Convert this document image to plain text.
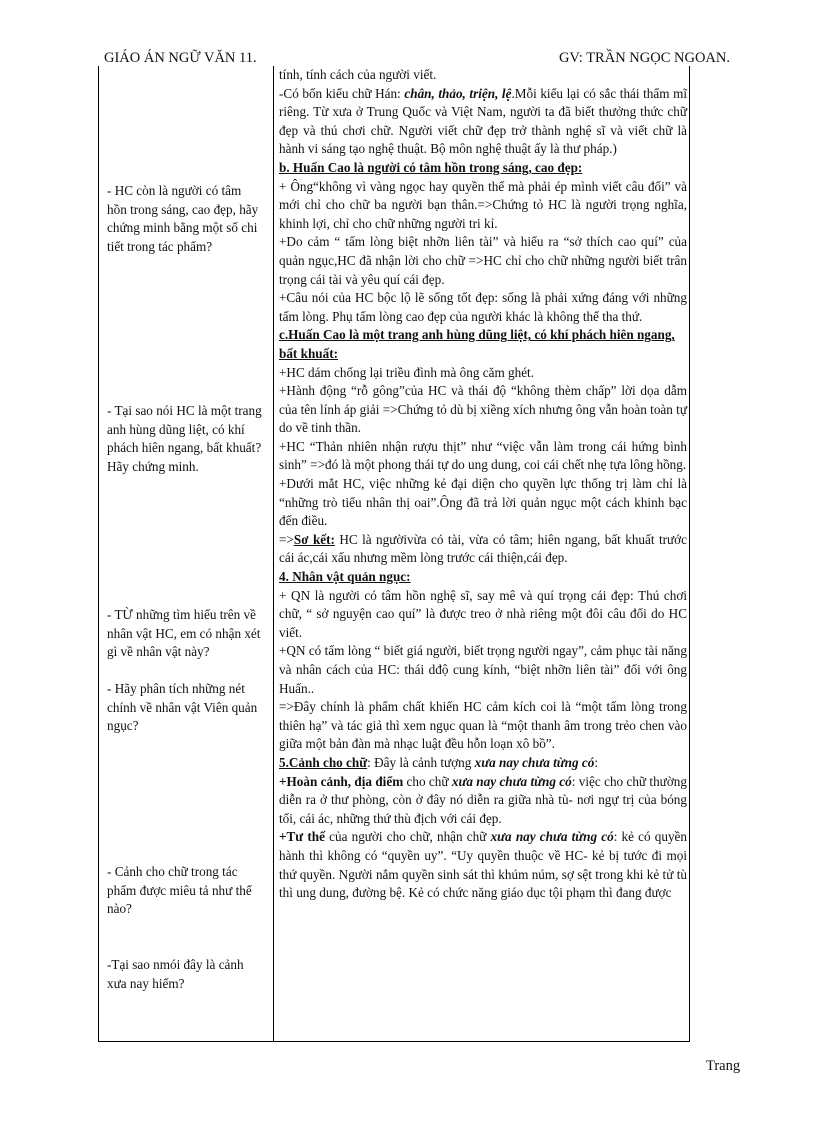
GIÁO ÁN NGỮ VĂN 11.	GV: TRẦN NGỌC NGOAN.
- HC còn là người có tâm hồn trong sáng, cao đẹp, hãy chứng minh bằng một số chi tiết trong tác phẩm?
- Tại sao nói HC là một trang anh hùng dũng liệt, có khí phách hiên ngang, bất khuất? Hãy chứng minh.
- TỪ những tìm hiểu trên về nhân vật HC, em có nhận xét gì về nhân vật này?
- Hãy phân tích những nét chính về nhân vật Viên quản ngục?
- Cảnh cho chữ trong tác phẩm được miêu tả như thế nào?
-Tại sao nmói đây là cảnh xưa nay hiếm?
tính, tính cách của người viết.
-Có bốn kiểu chữ Hán: chân, thảo, triện, lệ.Mỗi kiểu lại có sắc thái thẩm mĩ riêng. Từ xưa ở Trung Quốc và Việt Nam, người ta đã biết thưởng thức chữ đẹp và thú chơi chữ. Người viết chữ đẹp trở thành nghệ sĩ và viết chữ là hành vi sáng tạo nghệ thuật. Bộ môn nghệ thuật ấy là thư pháp.)
b. Huấn Cao là người có tâm hồn trong sáng, cao đẹp:
+ Ông“không vì vàng ngọc hay quyền thế mà phải ép mình viết câu đối” và mới chỉ cho chữ ba người bạn thân.=>Chứng tỏ HC là người trọng nghĩa, khinh lợi, chỉ cho chữ những người tri kỉ.
+Do cảm “ tấm lòng biệt nhỡn liên tài” và hiểu ra “sở thích cao quí” của quản ngục,HC đã nhận lời cho chữ =>HC chỉ cho chữ những người biết trân trọng cái tài và yêu quí cái đẹp.
+Câu nói của HC bộc lộ lẽ sống tốt đẹp: sống là phải xứng đáng với những tấm lòng. Phụ tấm lòng cao đẹp của người khác là không thể tha thứ.
c.Huấn Cao là một trang anh hùng dũng liệt, có khí phách hiên ngang, bất khuất:
+HC dám chống lại triều đình mà ông căm ghét.
+Hành động “rỗ gông”của HC và thái độ “không thèm chấp” lời dọa dẫm của tên lính áp giải =>Chứng tỏ dù bị xiềng xích nhưng ông vẫn hoàn toàn tự do về tinh thần.
+HC “Thản nhiên nhận rượu thịt” như “việc vẫn làm trong cái hứng bình sinh” =>đó là một phong thái tự do ung dung, coi cái chết nhẹ tựa lông hồng.
+Dưới mắt HC, việc những kẻ đại diện cho quyền lực thống trị làm chỉ là “những trò tiểu nhân thị oai”.Ông đã trả lời quản ngục một cách khinh bạc đến điều.
=>Sơ kết: HC là ngườivừa có tài, vừa có tâm; hiên ngang, bất khuất trước cái ác,cái xấu nhưng mềm lòng trước cái thiện,cái đẹp.
4. Nhân vật quản ngục:
+ QN là người có tâm hồn nghệ sĩ, say mê và quí trọng cái đẹp: Thú chơi chữ, “ sở nguyện cao quí” là được treo ở nhà riêng một đôi câu đối do HC viết.
+QN có tấm lòng “ biết giá người, biết trọng người ngay”, cảm phục tài năng và nhân cách của HC: thái dđộ cung kính, “biệt nhỡn liên tài” đối với ông Huấn..
=>Đây chính là phẩm chất khiến HC cảm kích coi là “một tấm lòng trong thiên hạ” và tác giả thì xem ngục quan là “một thanh âm trong trẻo chen vào giữa một bản đàn mà nhạc luật đều hỗn loạn xô bồ”.
5.Cảnh cho chữ: Đây là cảnh tượng xưa nay chưa từng có:
+Hoàn cảnh, địa điểm cho chữ xưa nay chưa từng có: việc cho chữ thường diễn ra ở thư phòng, còn ở đây nó diễn ra giữa nhà tù- nơi ngự trị của bóng tối, cái ác, những thứ thù địch với cái đẹp.
+Tư thế của người cho chữ, nhận chữ xưa nay chưa từng có: kẻ có quyền hành thì không có “quyền uy”. “Uy quyền thuộc về HC- kẻ bị tước đi mọi thứ quyền. Người nắm quyền sinh sát thì khúm núm, sợ sệt trong khi kẻ tử tù thì ung dung, đường bệ. Kẻ có chức năng giáo dục tội phạm thì đang được
Trang
